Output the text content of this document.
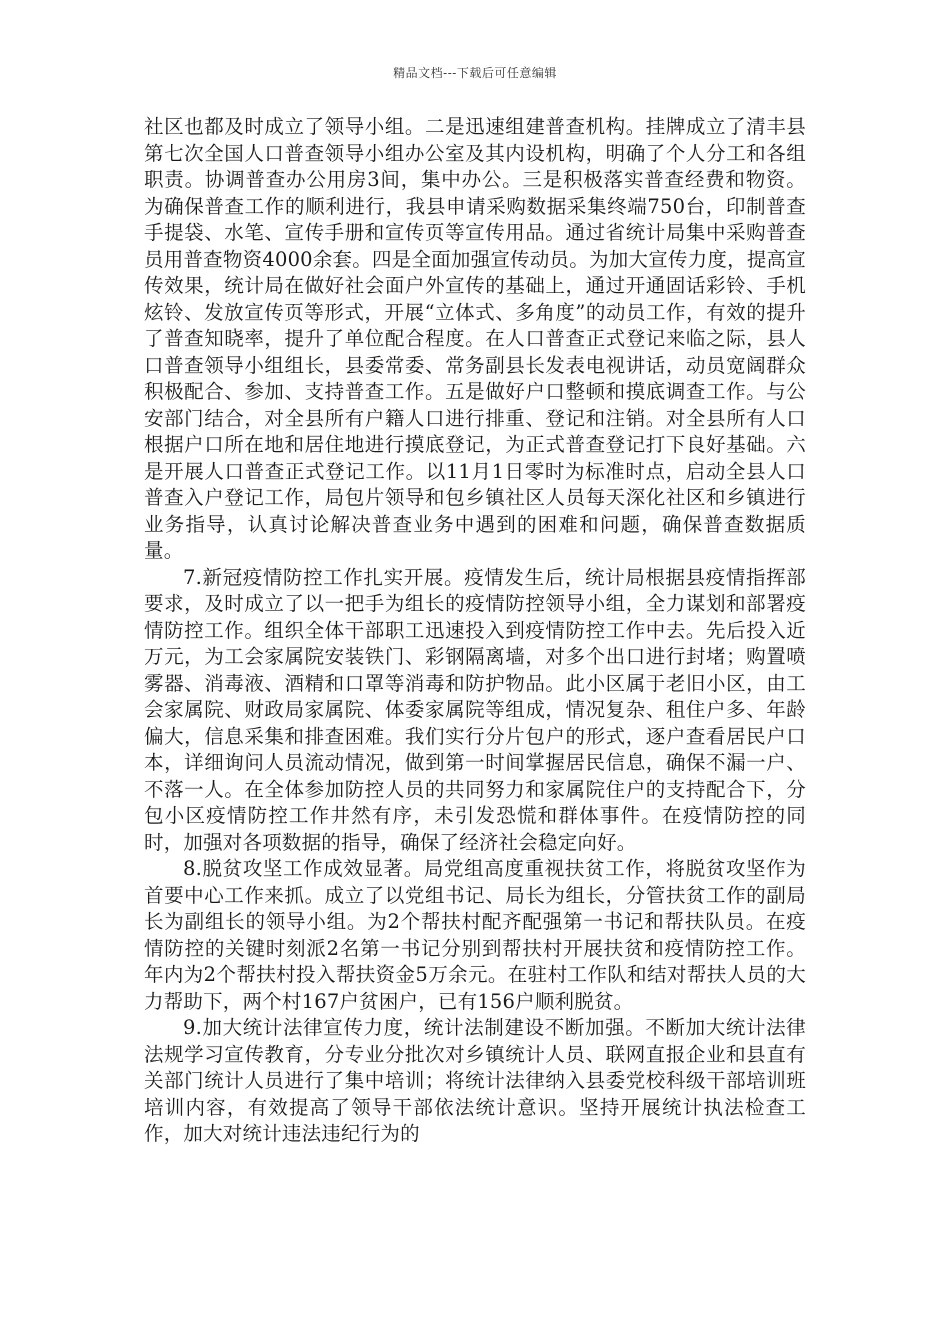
精品文档---下载后可任意编辑

社区也都及时成立了领导小组。二是迅速组建普查机构。挂牌成立了清丰县第七次全国人口普查领导小组办公室及其内设机构，明确了个人分工和各组职责。协调普查办公用房3间，集中办公。三是积极落实普查经费和物资。为确保普查工作的顺利进行，我县申请采购数据采集终端750台，印制普查手提袋、水笔、宣传手册和宣传页等宣传用品。通过省统计局集中采购普查员用普查物资4000余套。四是全面加强宣传动员。为加大宣传力度，提高宣传效果，统计局在做好社会面户外宣传的基础上，通过开通固话彩铃、手机炫铃、发放宣传页等形式，开展“立体式、多角度”的动员工作，有效的提升了普查知晓率，提升了单位配合程度。在人口普查正式登记来临之际，县人口普查领导小组组长，县委常委、常务副县长发表电视讲话，动员宽阔群众积极配合、参加、支持普查工作。五是做好户口整顿和摸底调查工作。与公安部门结合，对全县所有户籍人口进行排重、登记和注销。对全县所有人口根据户口所在地和居住地进行摸底登记，为正式普查登记打下良好基础。六是开展人口普查正式登记工作。以11月1日零时为标准时点，启动全县人口普查入户登记工作，局包片领导和包乡镇社区人员每天深化社区和乡镇进行业务指导，认真讨论解决普查业务中遇到的困难和问题，确保普查数据质量。

7.新冠疫情防控工作扎实开展。疫情发生后，统计局根据县疫情指挥部要求，及时成立了以一把手为组长的疫情防控领导小组，全力谋划和部署疫情防控工作。组织全体干部职工迅速投入到疫情防控工作中去。先后投入近万元，为工会家属院安装铁门、彩钢隔离墙，对多个出口进行封堵；购置喷雾器、消毒液、酒精和口罩等消毒和防护物品。此小区属于老旧小区，由工会家属院、财政局家属院、体委家属院等组成，情况复杂、租住户多、年龄偏大，信息采集和排查困难。我们实行分片包户的形式，逐户查看居民户口本，详细询问人员流动情况，做到第一时间掌握居民信息，确保不漏一户、不落一人。在全体参加防控人员的共同努力和家属院住户的支持配合下，分包小区疫情防控工作井然有序，未引发恐慌和群体事件。在疫情防控的同时，加强对各项数据的指导，确保了经济社会稳定向好。

8.脱贫攻坚工作成效显著。局党组高度重视扶贫工作，将脱贫攻坚作为首要中心工作来抓。成立了以党组书记、局长为组长，分管扶贫工作的副局长为副组长的领导小组。为2个帮扶村配齐配强第一书记和帮扶队员。在疫情防控的关键时刻派2名第一书记分别到帮扶村开展扶贫和疫情防控工作。年内为2个帮扶村投入帮扶资金5万余元。在驻村工作队和结对帮扶人员的大力帮助下，两个村167户贫困户，已有156户顺利脱贫。

9.加大统计法律宣传力度，统计法制建设不断加强。不断加大统计法律法规学习宣传教育，分专业分批次对乡镇统计人员、联网直报企业和县直有关部门统计人员进行了集中培训；将统计法律纳入县委党校科级干部培训班培训内容，有效提高了领导干部依法统计意识。坚持开展统计执法检查工作，加大对统计违法违纪行为的
